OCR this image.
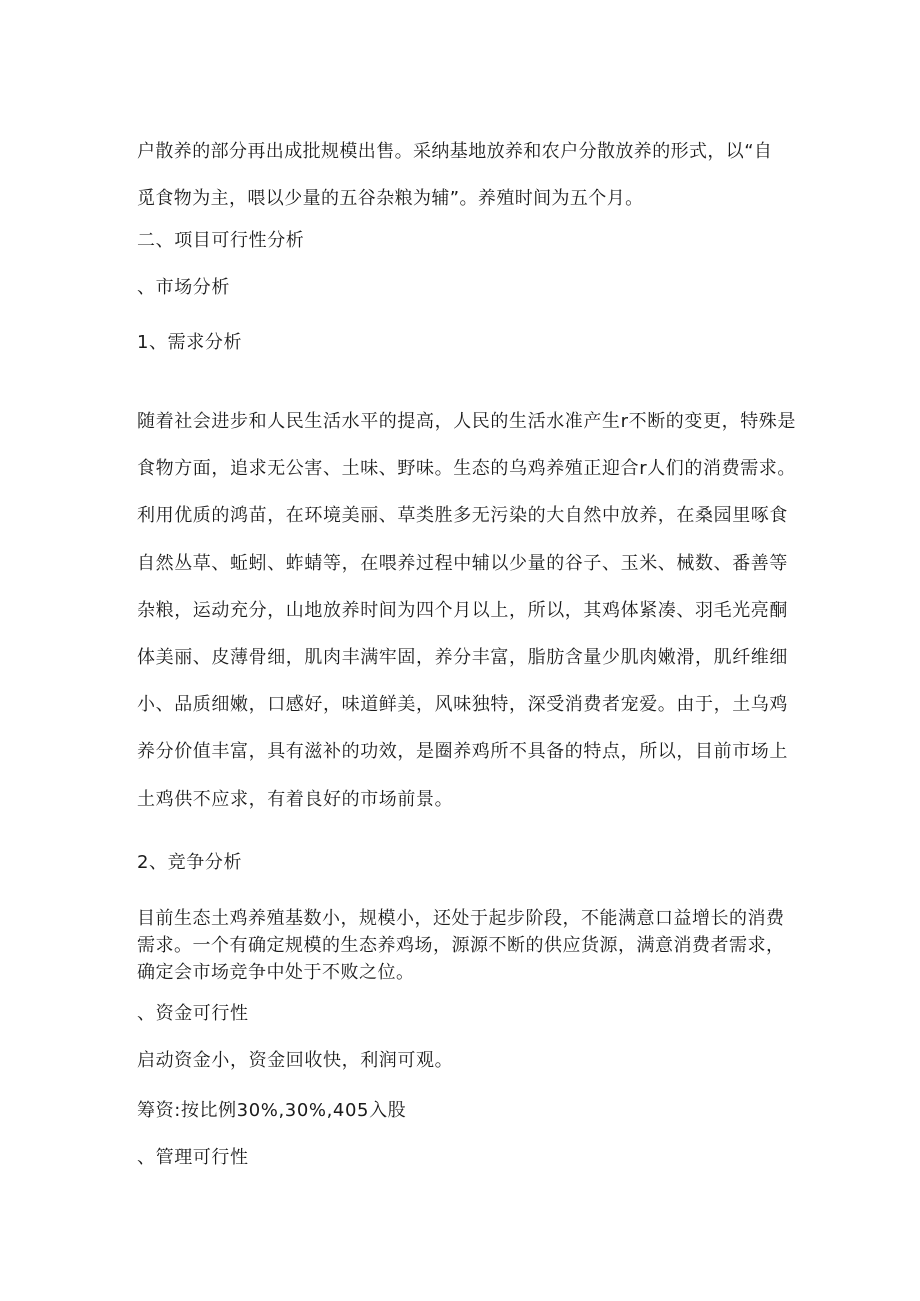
户散养的部分再出成批规模出售。采纳基地放养和农户分散放养的形式，以“自
觅食物为主，喂以少量的五谷杂粮为辅”。养殖时间为五个月。

二、项目可行性分析
、市场分析
1、需求分析

随着社会进步和人民生活水平的提高，人民的生活水准产生r不断的变更，特殊是
食物方面，追求无公害、土味、野味。生态的乌鸡养殖正迎合r人们的消费需求。
利用优质的鸿苗，在环境美丽、草类胜多无污染的大自然中放养，在桑园里啄食
自然丛草、蚯蚓、蚱蜻等，在喂养过程中辅以少量的谷子、玉米、械数、番善等
杂粮，运动充分，山地放养时间为四个月以上，所以，其鸡体紧凑、羽毛光亮酮
体美丽、皮薄骨细，肌肉丰满牢固，养分丰富，脂肪含量少肌肉嫩滑，肌纤维细
小、品质细嫩，口感好，味道鲜美，风味独特，深受消费者宠爱。由于，土乌鸡
养分价值丰富，具有滋补的功效，是圈养鸡所不具备的特点，所以，目前市场上
土鸡供不应求，有着良好的市场前景。

2、竞争分析

目前生态土鸡养殖基数小，规模小，还处于起步阶段，不能满意口益增长的消费
需求。一个有确定规模的生态养鸡场，源源不断的供应货源，满意消费者需求，
确定会市场竞争中处于不败之位。

、资金可行性

启动资金小，资金回收快，利润可观。

筹资:按比例30%,30%,405入股

、管理可行性
